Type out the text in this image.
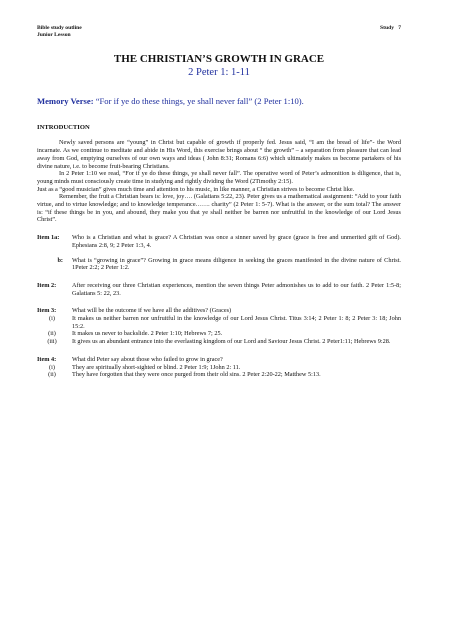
Bible study outline
Junior Lesson
Study   7
THE CHRISTIAN’S GROWTH IN GRACE
2 Peter 1: 1-11
Memory Verse: “For if ye do these things, ye shall never fall” (2 Peter 1:10).
INTRODUCTION
Newly saved persons are “young” in Christ but capable of growth if properly fed. Jesus said, “I am the bread of life”- the Word incarnate. As we continue to meditate and abide in His Word, this exercise brings about “ the growth” – a separation from pleasure that can lead away from God, emptying ourselves of our own ways and ideas ( John 8:31; Romans 6:6) which ultimately makes us become partakers of his divine nature, i.e. to become fruit-bearing Christians.
In 2 Peter 1:10 we read, “For if ye do these things, ye shall never fall”. The operative word of Peter’s admonition is diligence, that is, young minds must consciously create time in studying and rightly dividing the Word (2Timothy 2:15).
Just as a “good musician” gives much time and attention to his music, in like manner, a Christian strives to become Christ like.
Remember, the fruit a Christian bears is: love, joy…. (Galatians 5:22, 23). Peter gives us a mathematical assignment: “Add to your faith virtue, and to virtue knowledge; and to knowledge temperance……. charity” (2 Peter 1: 5-7). What is the answer, or the sum total? The answer is: “if these things be in you, and abound, they make you that ye shall neither be barren nor unfruitful in the knowledge of our Lord Jesus Christ”.
Item 1a:	Who is a Christian and what is grace? A Christian was once a sinner saved by grace (grace is free and unmerited gift of God). Ephesians 2:8, 9; 2 Peter 1:3, 4.
b:	What is “growing in grace”? Growing in grace means diligence in seeking the graces manifested in the divine nature of Christ. 1Peter 2:2; 2 Peter 1:2.
Item 2:	After receiving our three Christian experiences, mention the seven things Peter admonishes us to add to our faith. 2 Peter 1:5-8; Galatians 5: 22, 23.
Item 3:	What will be the outcome if we have all the additives? (Graces)
(i)	It makes us neither barren nor unfruitful in the knowledge of our Lord Jesus Christ. Titus 3:14; 2 Peter 1: 8; 2 Peter 3: 18; John 15:2.
(ii)	It makes us never to backslide. 2 Peter 1:10; Hebrews 7; 25.
(iii)	It gives us an abundant entrance into the everlasting kingdom of our Lord and Saviour Jesus Christ. 2 Peter1:11; Hebrews 9:28.
Item 4:	What did Peter say about those who failed to grow in grace?
(i)	They are spiritually short-sighted or blind. 2 Peter 1:9; 1John 2: 11.
(ii)	They have forgotten that they were once purged from their old sins. 2 Peter 2:20-22; Matthew 5:13.
